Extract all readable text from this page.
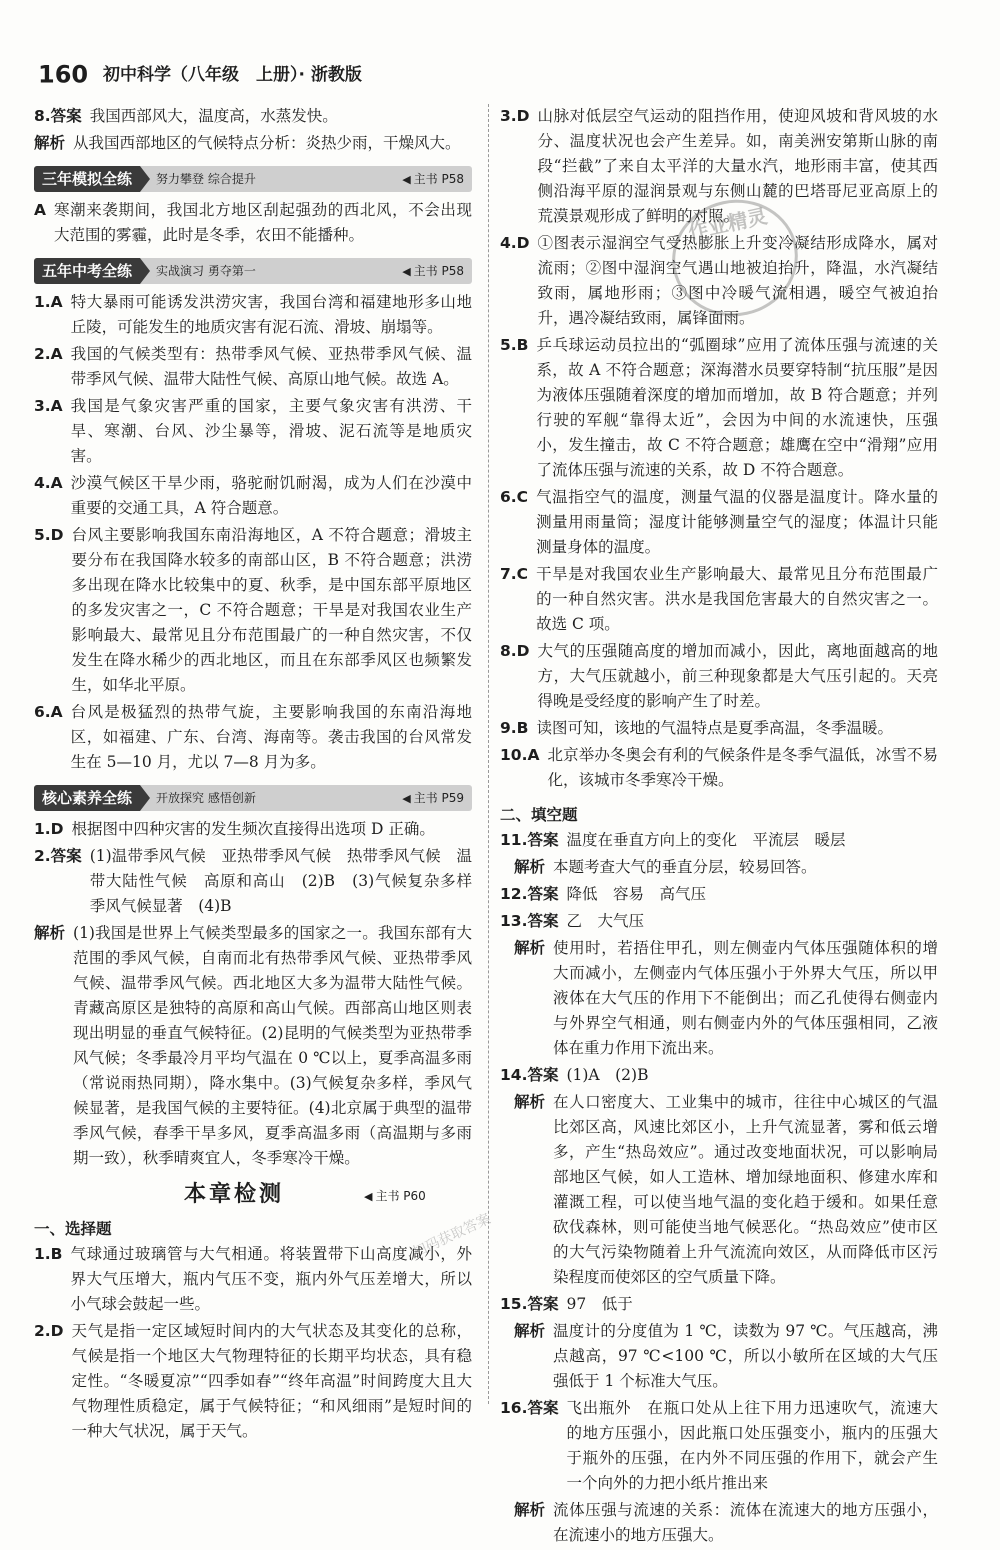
160 初中科学（八年级　上册）· 浙教版
8.答案 我国西部风大，温度高，水蒸发快。
解析 从我国西部地区的气候特点分析：炎热少雨，干燥风大。
三年模拟全练	努力攀登 综合提升	◀ 主书 P58
A 寒潮来袭期间，我国北方地区刮起强劲的西北风，不会出现大范围的雾霾，此时是冬季，农田不能播种。
五年中考全练	实战演习 勇夺第一	◀ 主书 P58
1.A 特大暴雨可能诱发洪涝灾害，我国台湾和福建地形多山地丘陵，可能发生的地质灾害有泥石流、滑坡、崩塌等。
2.A 我国的气候类型有：热带季风气候、亚热带季风气候、温带季风气候、温带大陆性气候、高原山地气候。故选 A。
3.A 我国是气象灾害严重的国家，主要气象灾害有洪涝、干旱、寒潮、台风、沙尘暴等，滑坡、泥石流等是地质灾害。
4.A 沙漠气候区干旱少雨，骆驼耐饥耐渴，成为人们在沙漠中重要的交通工具，A 符合题意。
5.D 台风主要影响我国东南沿海地区，A 不符合题意；滑坡主要分布在我国降水较多的南部山区，B 不符合题意；洪涝多出现在降水比较集中的夏、秋季，是中国东部平原地区的多发灾害之一，C 不符合题意；干旱是对我国农业生产影响最大、最常见且分布范围最广的一种自然灾害，不仅发生在降水稀少的西北地区，而且在东部季风区也频繁发生，如华北平原。
6.A 台风是极猛烈的热带气旋，主要影响我国的东南沿海地区，如福建、广东、台湾、海南等。袭击我国的台风常发生在 5—10 月，尤以 7—8 月为多。
核心素养全练	开放探究 感悟创新	◀ 主书 P59
1.D 根据图中四种灾害的发生频次直接得出选项 D 正确。
2.答案 (1)温带季风气候　亚热带季风气候　热带季风气候　温带大陆性气候　高原和高山　(2)B　(3)气候复杂多样　季风气候显著　(4)B
解析 (1)我国是世界上气候类型最多的国家之一。我国东部有大范围的季风气候，自南而北有热带季风气候、亚热带季风气候、温带季风气候。西北地区大多为温带大陆性气候。青藏高原区是独特的高原和高山气候。西部高山地区则表现出明显的垂直气候特征。(2)昆明的气候类型为亚热带季风气候；冬季最冷月平均气温在 0 ℃以上，夏季高温多雨（常说雨热同期），降水集中。(3)气候复杂多样，季风气候显著，是我国气候的主要特征。(4)北京属于典型的温带季风气候，春季干旱多风，夏季高温多雨（高温期与多雨期一致），秋季晴爽宜人，冬季寒冷干燥。
本章检测	◀ 主书 P60
一、选择题
1.B 气球通过玻璃管与大气相通。将装置带下山高度减小，外界大气压增大，瓶内气压不变，瓶内外气压差增大，所以小气球会鼓起一些。
2.D 天气是指一定区域短时间内的大气状态及其变化的总称，气候是指一个地区大气物理特征的长期平均状态，具有稳定性。“冬暖夏凉”“四季如春”“终年高温”时间跨度大且大气物理性质稳定，属于气候特征；“和风细雨”是短时间的一种大气状况，属于天气。
3.D 山脉对低层空气运动的阻挡作用，使迎风坡和背风坡的水分、温度状况也会产生差异。如，南美洲安第斯山脉的南段“拦截”了来自太平洋的大量水汽，地形雨丰富，使其西侧沿海平原的湿润景观与东侧山麓的巴塔哥尼亚高原上的荒漠景观形成了鲜明的对照。
4.D ①图表示湿润空气受热膨胀上升变冷凝结形成降水，属对流雨；②图中湿润空气遇山地被迫抬升，降温，水汽凝结致雨，属地形雨；③图中冷暖气流相遇，暖空气被迫抬升，遇冷凝结致雨，属锋面雨。
5.B 乒乓球运动员拉出的“弧圈球”应用了流体压强与流速的关系，故 A 不符合题意；深海潜水员要穿特制“抗压服”是因为液体压强随着深度的增加而增加，故 B 符合题意；并列行驶的军舰“靠得太近”，会因为中间的水流速快，压强小，发生撞击，故 C 不符合题意；雄鹰在空中“滑翔”应用了流体压强与流速的关系，故 D 不符合题意。
6.C 气温指空气的温度，测量气温的仪器是温度计。降水量的测量用雨量筒；湿度计能够测量空气的湿度；体温计只能测量身体的温度。
7.C 干旱是对我国农业生产影响最大、最常见且分布范围最广的一种自然灾害。洪水是我国危害最大的自然灾害之一。故选 C 项。
8.D 大气的压强随高度的增加而减小，因此，离地面越高的地方，大气压就越小，前三种现象都是大气压引起的。天亮得晚是受经度的影响产生了时差。
9.B 读图可知，该地的气温特点是夏季高温，冬季温暖。
10.A 北京举办冬奥会有利的气候条件是冬季气温低，冰雪不易化，该城市冬季寒冷干燥。
二、填空题
11.答案 温度在垂直方向上的变化　平流层　暖层
解析 本题考查大气的垂直分层，较易回答。
12.答案 降低　容易　高气压
13.答案 乙　大气压
解析 使用时，若捂住甲孔，则左侧壶内气体压强随体积的增大而减小，左侧壶内气体压强小于外界大气压，所以甲液体在大气压的作用下不能倒出；而乙孔使得右侧壶内与外界空气相通，则右侧壶内外的气体压强相同，乙液体在重力作用下流出来。
14.答案 (1)A　(2)B
解析 在人口密度大、工业集中的城市，往往中心城区的气温比郊区高，风速比郊区小，上升气流显著，雾和低云增多，产生“热岛效应”。通过改变地面状况，可以影响局部地区气候，如人工造林、增加绿地面积、修建水库和灌溉工程，可以使当地气温的变化趋于缓和。如果任意砍伐森林，则可能使当地气候恶化。“热岛效应”使市区的大气污染物随着上升气流流向效区，从而降低市区污染程度而使郊区的空气质量下降。
15.答案 97　低于
解析 温度计的分度值为 1 ℃，读数为 97 ℃。气压越高，沸点越高，97 ℃<100 ℃，所以小敏所在区域的大气压强低于 1 个标准大气压。
16.答案 飞出瓶外　在瓶口处从上往下用力迅速吹气，流速大的地方压强小，因此瓶口处压强变小，瓶内的压强大于瓶外的压强，在内外不同压强的作用下，就会产生一个向外的力把小纸片推出来
解析 流体压强与流速的关系：流体在流速大的地方压强小，在流速小的地方压强大。
作业精灵
扫码获取答案
